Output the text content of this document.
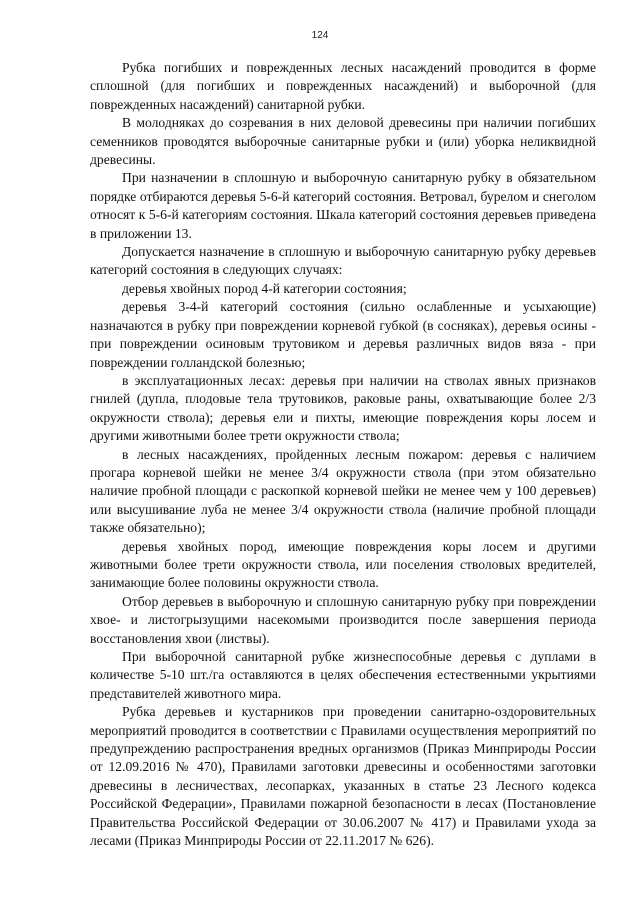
124

Рубка погибших и поврежденных лесных насаждений проводится в форме сплошной (для погибших и поврежденных насаждений) и выборочной (для поврежденных насаждений) санитарной рубки.

В молодняках до созревания в них деловой древесины при наличии погибших семенников проводятся выборочные санитарные рубки и (или) уборка неликвидной древесины.

При назначении в сплошную и выборочную санитарную рубку в обязательном порядке отбираются деревья 5-6-й категорий состояния. Ветровал, бурелом и снеголом относят к 5-6-й категориям состояния. Шкала категорий состояния деревьев приведена в приложении 13.

Допускается назначение в сплошную и выборочную санитарную рубку деревьев категорий состояния в следующих случаях:

деревья хвойных пород 4-й категории состояния;

деревья 3-4-й категорий состояния (сильно ослабленные и усыхающие) назначаются в рубку при повреждении корневой губкой (в сосняках), деревья осины - при повреждении осиновым трутовиком и деревья различных видов вяза - при повреждении голландской болезнью;

в эксплуатационных лесах: деревья при наличии на стволах явных признаков гнилей (дупла, плодовые тела трутовиков, раковые раны, охватывающие более 2/3 окружности ствола); деревья ели и пихты, имеющие повреждения коры лосем и другими животными более трети окружности ствола;

в лесных насаждениях, пройденных лесным пожаром: деревья с наличием прогара корневой шейки не менее 3/4 окружности ствола (при этом обязательно наличие пробной площади с раскопкой корневой шейки не менее чем у 100 деревьев) или высушивание луба не менее 3/4 окружности ствола (наличие пробной площади также обязательно);

деревья хвойных пород, имеющие повреждения коры лосем и другими животными более трети окружности ствола, или поселения стволовых вредителей, занимающие более половины окружности ствола.

Отбор деревьев в выборочную и сплошную санитарную рубку при повреждении хвое- и листогрызущими насекомыми производится после завершения периода восстановления хвои (листвы).

При выборочной санитарной рубке жизнеспособные деревья с дуплами в количестве 5-10 шт./га оставляются в целях обеспечения естественными укрытиями представителей животного мира.

Рубка деревьев и кустарников при проведении санитарно-оздоровительных мероприятий проводится в соответствии с Правилами осуществления мероприятий по предупреждению распространения вредных организмов (Приказ Минприроды России от 12.09.2016 № 470), Правилами заготовки древесины и особенностями заготовки древесины в лесничествах, лесопарках, указанных в статье 23 Лесного кодекса Российской Федерации», Правилами пожарной безопасности в лесах (Постановление Правительства Российской Федерации от 30.06.2007 № 417) и Правилами ухода за лесами (Приказ Минприроды России от 22.11.2017 № 626).
